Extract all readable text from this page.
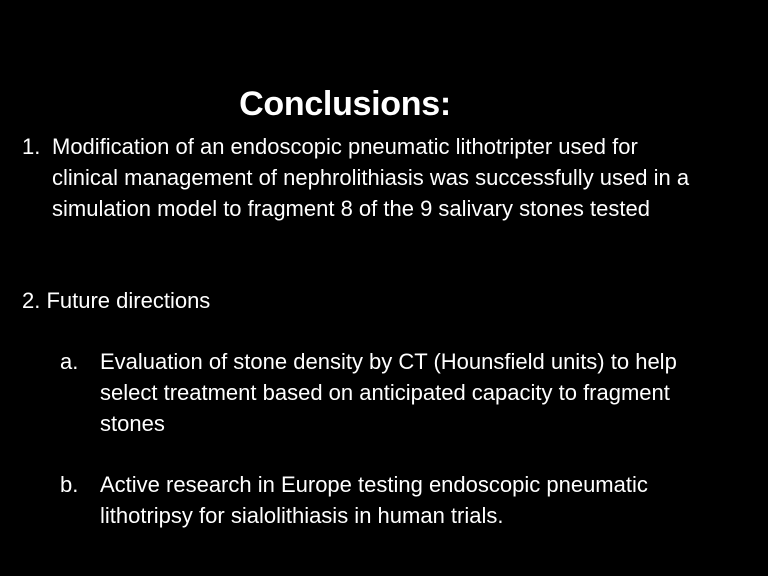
Conclusions:
1. Modification of an endoscopic pneumatic lithotripter used for clinical management of nephrolithiasis was successfully used in a simulation model to fragment 8 of the 9 salivary stones tested
2. Future directions
a. Evaluation of stone density by CT (Hounsfield units) to help select treatment based on anticipated capacity to fragment stones
b. Active research in Europe testing endoscopic pneumatic lithotripsy for sialolithiasis in human trials.
